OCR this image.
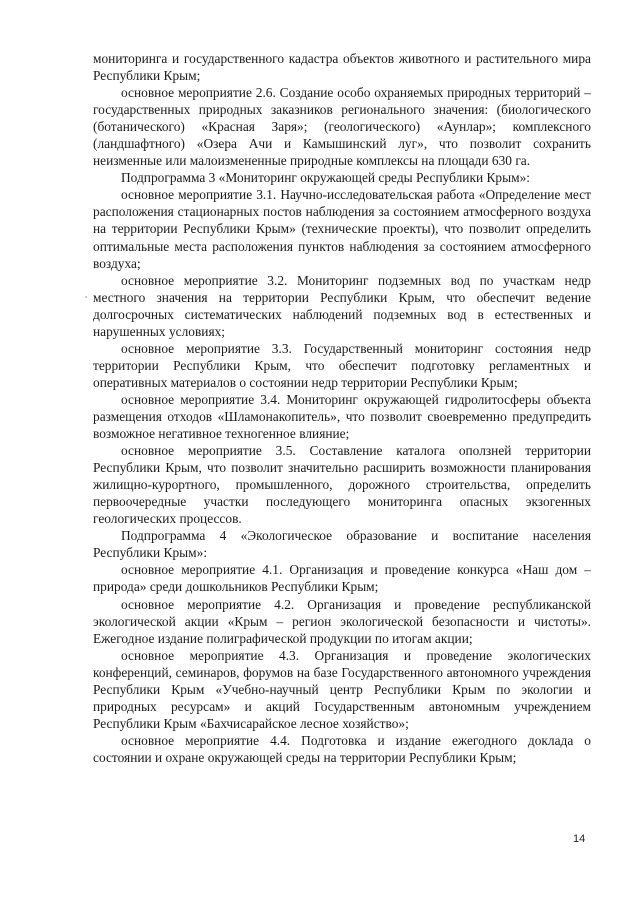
мониторинга и государственного кадастра объектов животного и растительного мира Республики Крым;

основное мероприятие 2.6. Создание особо охраняемых природных территорий – государственных природных заказников регионального значения: (биологического (ботанического) «Красная Заря»; (геологического) «Аунлар»; комплексного (ландшафтного) «Озера Ачи и Камышинский луг», что позволит сохранить неизменные или малоизмененные природные комплексы на площади 630 га.

Подпрограмма 3 «Мониторинг окружающей среды Республики Крым»:

основное мероприятие 3.1. Научно-исследовательская работа «Определение мест расположения стационарных постов наблюдения за состоянием атмосферного воздуха на территории Республики Крым» (технические проекты), что позволит определить оптимальные места расположения пунктов наблюдения за состоянием атмосферного воздуха;

основное мероприятие 3.2. Мониторинг подземных вод по участкам недр местного значения на территории Республики Крым, что обеспечит ведение долгосрочных систематических наблюдений подземных вод в естественных и нарушенных условиях;

основное мероприятие 3.3. Государственный мониторинг состояния недр территории Республики Крым, что обеспечит подготовку регламентных и оперативных материалов о состоянии недр территории Республики Крым;

основное мероприятие 3.4. Мониторинг окружающей гидролитосферы объекта размещения отходов «Шламонакопитель», что позволит своевременно предупредить возможное негативное техногенное влияние;

основное мероприятие 3.5. Составление каталога оползней территории Республики Крым, что позволит значительно расширить возможности планирования жилищно-курортного, промышленного, дорожного строительства, определить первоочередные участки последующего мониторинга опасных экзогенных геологических процессов.

Подпрограмма 4 «Экологическое образование и воспитание населения Республики Крым»:

основное мероприятие 4.1. Организация и проведение конкурса «Наш дом – природа» среди дошкольников Республики Крым;

основное мероприятие 4.2. Организация и проведение республиканской экологической акции «Крым – регион экологической безопасности и чистоты». Ежегодное издание полиграфической продукции по итогам акции;

основное мероприятие 4.3. Организация и проведение экологических конференций, семинаров, форумов на базе Государственного автономного учреждения Республики Крым «Учебно-научный центр Республики Крым по экологии и природных ресурсам» и акций Государственным автономным учреждением Республики Крым «Бахчисарайское лесное хозяйство»;

основное мероприятие 4.4. Подготовка и издание ежегодного доклада о состоянии и охране окружающей среды на территории Республики Крым;

14
